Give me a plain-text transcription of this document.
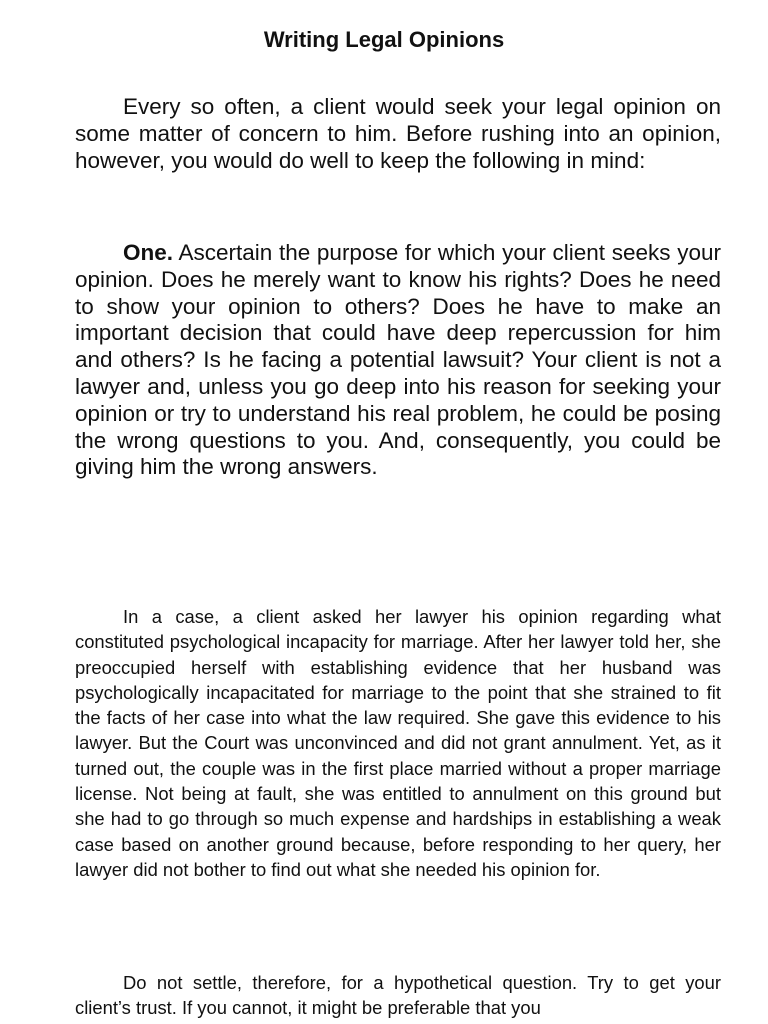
Writing Legal Opinions

Every so often, a client would seek your legal opinion on some matter of concern to him. Before rushing into an opinion, however, you would do well to keep the following in mind:

One. Ascertain the purpose for which your client seeks your opinion. Does he merely want to know his rights? Does he need to show your opinion to others? Does he have to make an important decision that could have deep repercussion for him and others? Is he facing a potential lawsuit? Your client is not a lawyer and, unless you go deep into his reason for seeking your opinion or try to understand his real problem, he could be posing the wrong questions to you. And, consequently, you could be giving him the wrong answers.

In a case, a client asked her lawyer his opinion regarding what constituted psychological incapacity for marriage. After her lawyer told her, she preoccupied herself with establishing evidence that her husband was psychologically incapacitated for marriage to the point that she strained to fit the facts of her case into what the law required. She gave this evidence to his lawyer. But the Court was unconvinced and did not grant annulment. Yet, as it turned out, the couple was in the first place married without a proper marriage license. Not being at fault, she was entitled to annulment on this ground but she had to go through so much expense and hardships in establishing a weak case based on another ground because, before responding to her query, her lawyer did not bother to find out what she needed his opinion for.

Do not settle, therefore, for a hypothetical question. Try to get your client’s trust. If you cannot, it might be preferable that you
